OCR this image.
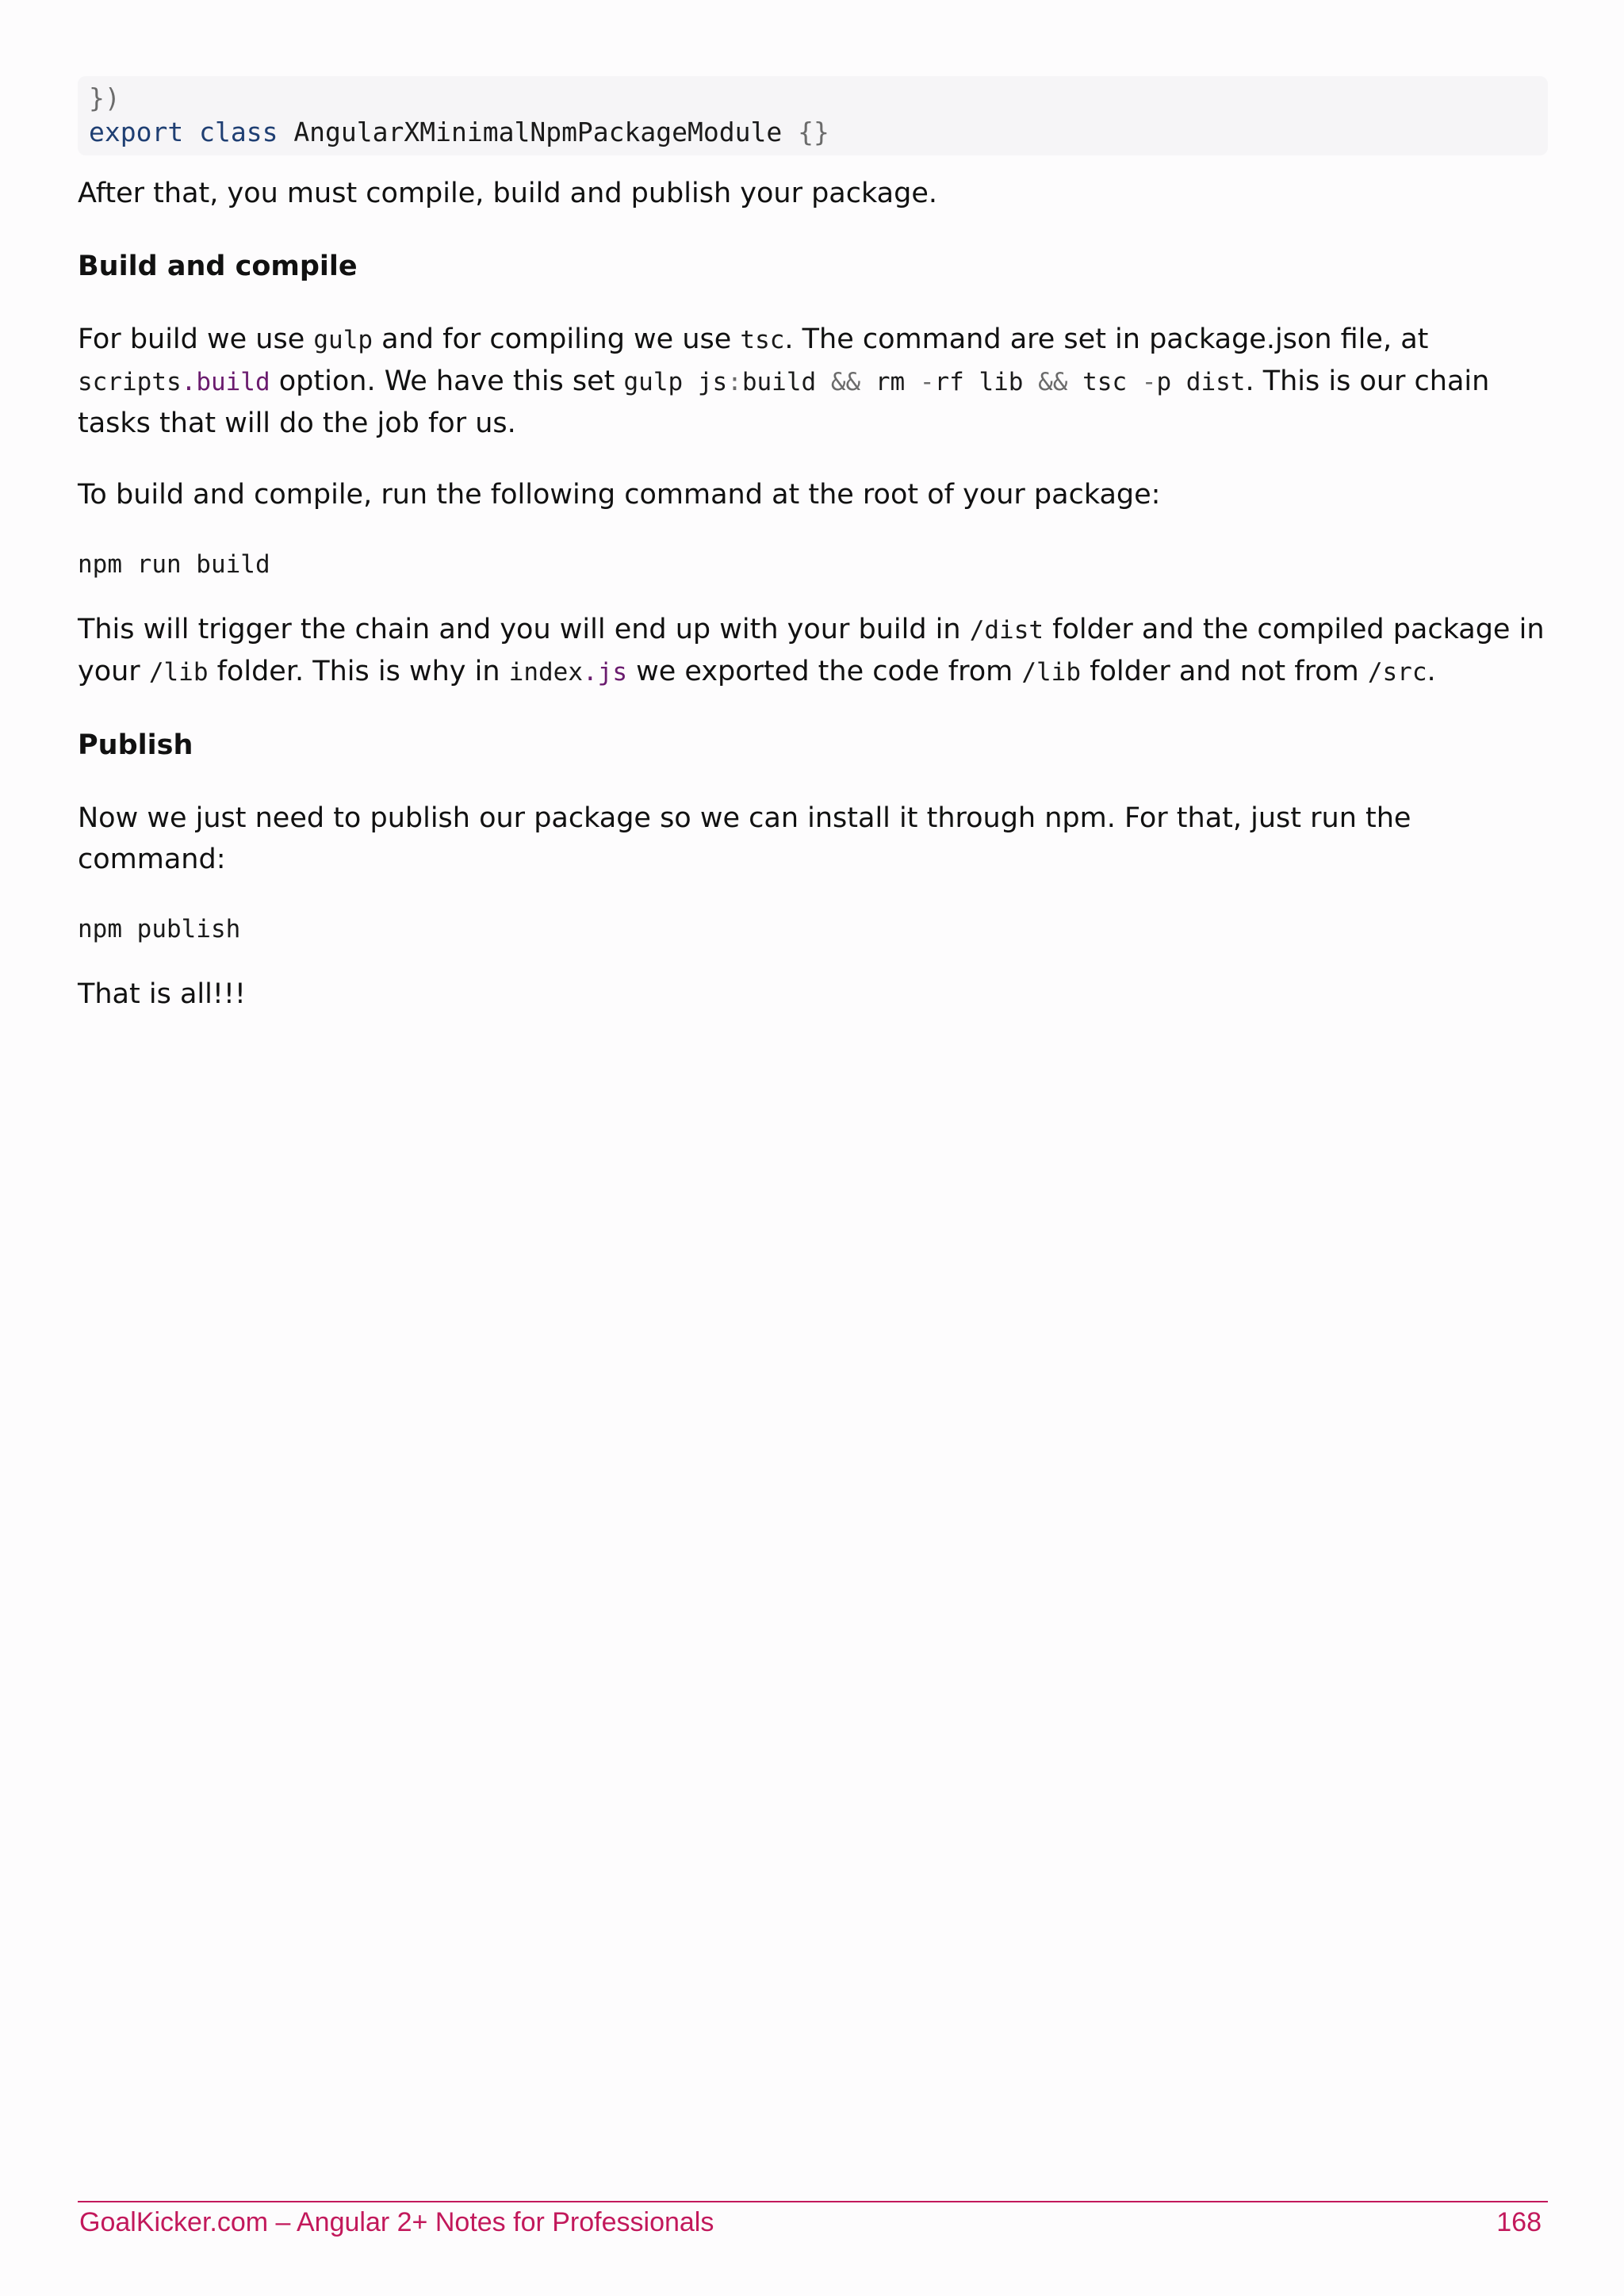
})
export class AngularXMinimalNpmPackageModule {}

After that, you must compile, build and publish your package.

Build and compile

For build we use gulp and for compiling we use tsc. The command are set in package.json file, at scripts.build option. We have this set gulp js:build && rm -rf lib && tsc -p dist. This is our chain tasks that will do the job for us.

To build and compile, run the following command at the root of your package:

npm run build

This will trigger the chain and you will end up with your build in /dist folder and the compiled package in your /lib folder. This is why in index.js we exported the code from /lib folder and not from /src.

Publish

Now we just need to publish our package so we can install it through npm. For that, just run the command:

npm publish

That is all!!!

GoalKicker.com – Angular 2+ Notes for Professionals	168
